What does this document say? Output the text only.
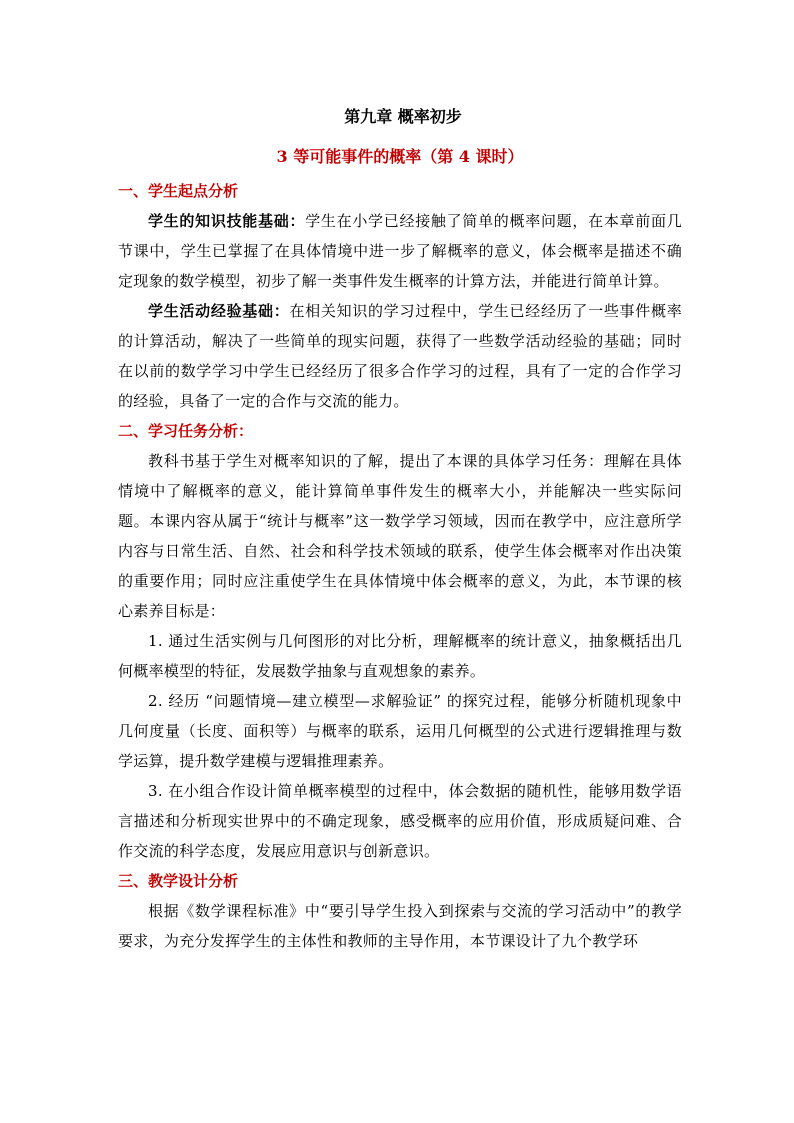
第九章 概率初步
3 等可能事件的概率（第 4 课时）
一、学生起点分析

学生的知识技能基础：学生在小学已经接触了简单的概率问题，在本章前面几节课中，学生已掌握了在具体情境中进一步了解概率的意义，体会概率是描述不确定现象的数学模型，初步了解一类事件发生概率的计算方法，并能进行简单计算。

学生活动经验基础：在相关知识的学习过程中，学生已经经历了一些事件概率的计算活动，解决了一些简单的现实问题，获得了一些数学活动经验的基础；同时在以前的数学学习中学生已经经历了很多合作学习的过程，具有了一定的合作学习的经验，具备了一定的合作与交流的能力。

二、学习任务分析：

教科书基于学生对概率知识的了解，提出了本课的具体学习任务：理解在具体情境中了解概率的意义，能计算简单事件发生的概率大小，并能解决一些实际问题。本课内容从属于“统计与概率”这一数学学习领域，因而在教学中，应注意所学内容与日常生活、自然、社会和科学技术领域的联系，使学生体会概率对作出决策的重要作用；同时应注重使学生在具体情境中体会概率的意义，为此，本节课的核心素养目标是：

1. 通过生活实例与几何图形的对比分析，理解概率的统计意义，抽象概括出几何概率模型的特征，发展数学抽象与直观想象的素养。

2. 经历 “问题情境—建立模型—求解验证” 的探究过程，能够分析随机现象中几何度量（长度、面积等）与概率的联系，运用几何概型的公式进行逻辑推理与数学运算，提升数学建模与逻辑推理素养。

3. 在小组合作设计简单概率模型的过程中，体会数据的随机性，能够用数学语言描述和分析现实世界中的不确定现象，感受概率的应用价值，形成质疑问难、合作交流的科学态度，发展应用意识与创新意识。

三、教学设计分析

根据《数学课程标准》中“要引导学生投入到探索与交流的学习活动中”的教学要求，为充分发挥学生的主体性和教师的主导作用，本节课设计了九个教学环
